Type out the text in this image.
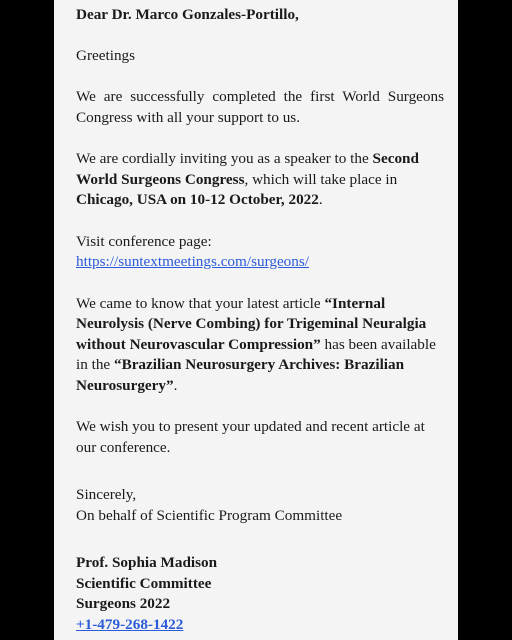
Dear Dr. Marco Gonzales-Portillo,

Greetings

We are successfully completed the first World Surgeons Congress with all your support to us.

We are cordially inviting you as a speaker to the Second World Surgeons Congress, which will take place in Chicago, USA on 10-12 October, 2022.

Visit conference page: https://suntextmeetings.com/surgeons/

We came to know that your latest article “Internal Neurolysis (Nerve Combing) for Trigeminal Neuralgia without Neurovascular Compression” has been available in the “Brazilian Neurosurgery Archives: Brazilian Neurosurgery”.

We wish you to present your updated and recent article at our conference.

Sincerely,

On behalf of Scientific Program Committee

Prof. Sophia Madison

Scientific Committee

Surgeons 2022

+1-479-268-1422
